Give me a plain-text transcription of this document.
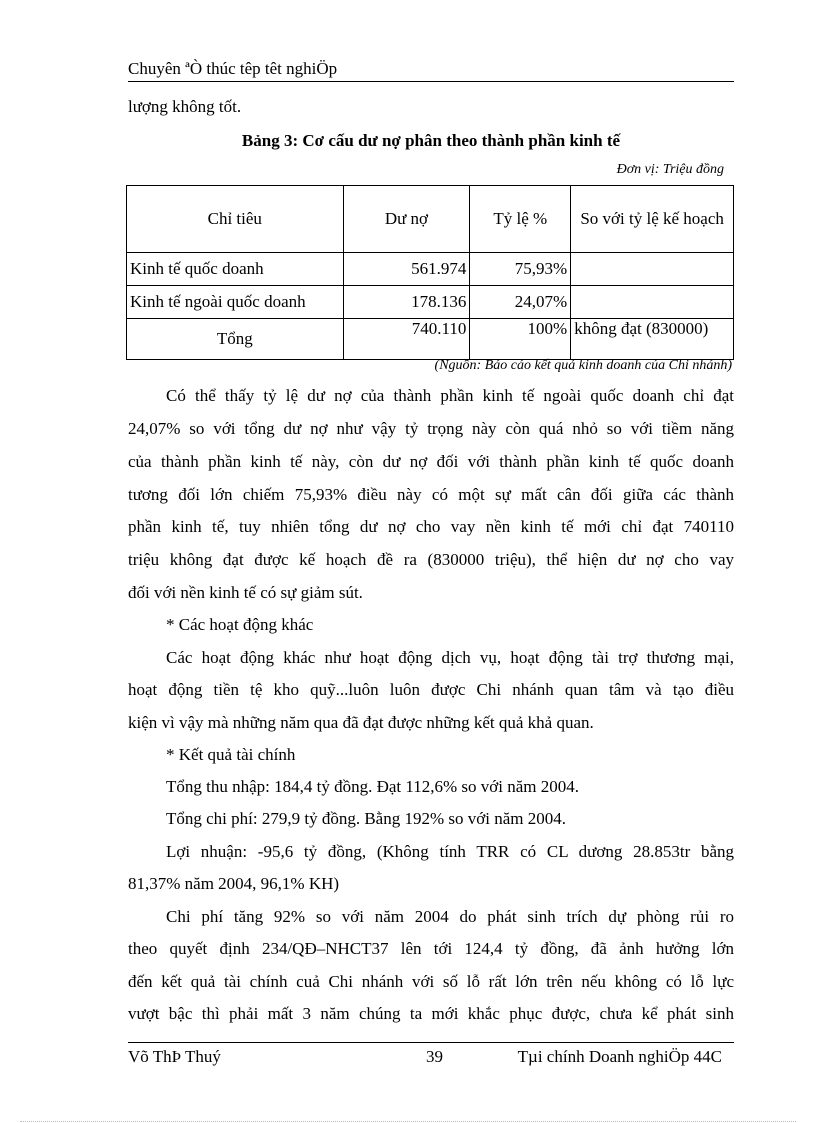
Chuyên ªÒ thúc têp têt nghiÖp
lượng không tốt.
Bảng 3: Cơ cấu dư nợ phân theo thành phần kinh tế
Đơn vị: Triệu đồng
Chỉ tiêu	Dư nợ	Tỷ lệ %	So với tỷ lệ kế hoạch
Kinh tế quốc doanh	561.974	75,93%	
Kinh tế ngoài quốc doanh	178.136	24,07%	
Tổng	740.110	100%	không đạt (830000)
(Nguồn: Báo cáo kết quả kinh doanh của Chi nhánh)
Có thể thấy tỷ lệ dư nợ của thành phần kinh tế ngoài quốc doanh chỉ đạt
24,07% so với tổng dư nợ như vậy tỷ trọng này còn quá nhỏ so với tiềm năng
của thành phần kinh tế này, còn dư nợ đối với thành phần kinh tế quốc doanh
tương đối lớn chiếm 75,93% điều này có một sự mất cân đối giữa các thành
phần kinh tế, tuy nhiên tổng dư nợ cho vay nền kinh tế mới chỉ đạt 740110
triệu không đạt được kế hoạch đề ra (830000 triệu), thể hiện dư nợ cho vay
đối với nền kinh tế có sự giảm sút.
* Các hoạt động khác
Các hoạt động khác như hoạt động dịch vụ, hoạt động tài trợ thương mại,
hoạt động tiền tệ kho quỹ...luôn luôn được Chi nhánh quan tâm và tạo điều
kiện vì vậy mà những năm qua đã đạt được những kết quả khả quan.
* Kết quả tài chính
Tổng thu nhập: 184,4 tỷ đồng. Đạt 112,6% so với năm 2004.
Tổng chi phí: 279,9 tỷ đồng. Bằng 192% so với năm 2004.
Lợi nhuận: -95,6 tỷ đồng, (Không tính TRR có CL dương 28.853tr bằng
81,37% năm 2004, 96,1% KH)
Chi phí tăng 92% so với năm 2004 do phát sinh trích dự phòng rủi ro
theo quyết định 234/QĐ–NHCT37 lên tới 124,4 tỷ đồng, đã ảnh hưởng lớn
đến kết quả tài chính cuả Chi nhánh với số lỗ rất lớn trên nếu không có lỗ lực
vượt bậc thì phải mất 3 năm chúng ta mới khắc phục được, chưa kể phát sinh
Võ ThÞ Thuý	39	Tµi chính Doanh nghiÖp 44C
